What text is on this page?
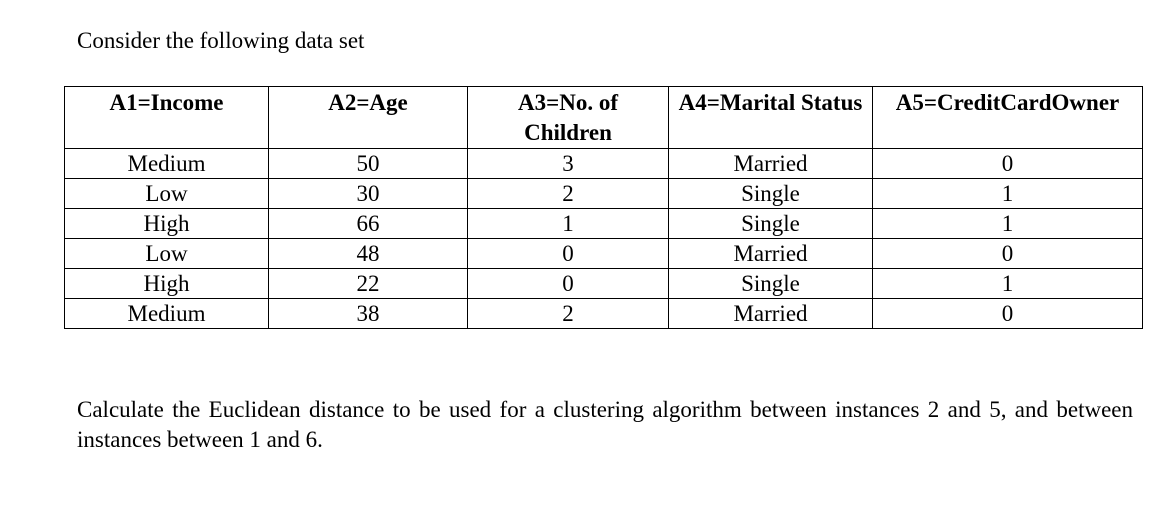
Consider the following data set

A1=Income	A2=Age	A3=No. of Children	A4=Marital Status	A5=CreditCardOwner
Medium	50	3	Married	0
Low	30	2	Single	1
High	66	1	Single	1
Low	48	0	Married	0
High	22	0	Single	1
Medium	38	2	Married	0

Calculate the Euclidean distance to be used for a clustering algorithm between instances 2 and 5, and between instances between 1 and 6.
